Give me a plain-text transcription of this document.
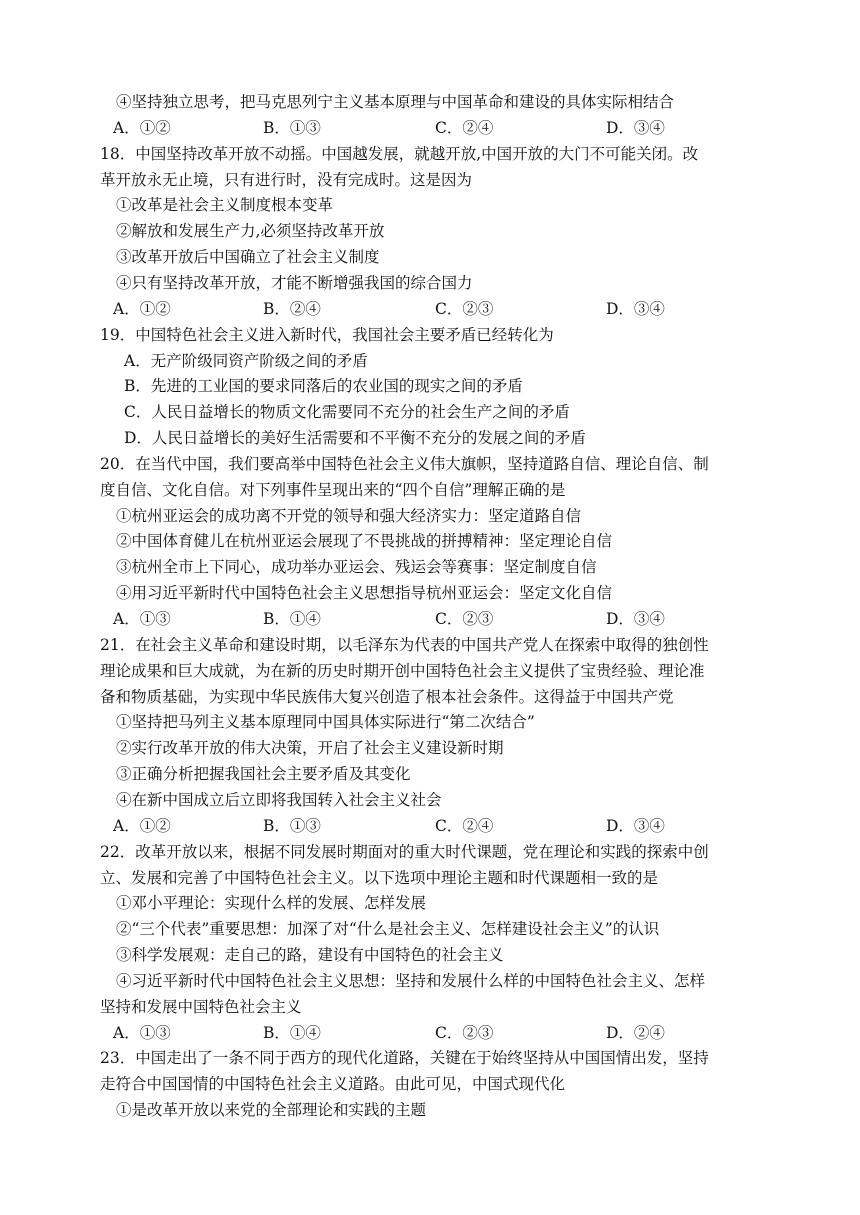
④坚持独立思考，把马克思列宁主义基本原理与中国革命和建设的具体实际相结合
A．①②	B．①③	C．②④	D．③④
18．中国坚持改革开放不动摇。中国越发展，就越开放,中国开放的大门不可能关闭。改
革开放永无止境，只有进行时，没有完成时。这是因为
①改革是社会主义制度根本变革
②解放和发展生产力,必须坚持改革开放
③改革开放后中国确立了社会主义制度
④只有坚持改革开放，才能不断增强我国的综合国力
A．①②	B．②④	C．②③	D．③④
19．中国特色社会主义进入新时代，我国社会主要矛盾已经转化为
A．无产阶级同资产阶级之间的矛盾
B．先进的工业国的要求同落后的农业国的现实之间的矛盾
C．人民日益增长的物质文化需要同不充分的社会生产之间的矛盾
D．人民日益增长的美好生活需要和不平衡不充分的发展之间的矛盾
20．在当代中国，我们要高举中国特色社会主义伟大旗帜，坚持道路自信、理论自信、制
度自信、文化自信。对下列事件呈现出来的“四个自信”理解正确的是
①杭州亚运会的成功离不开党的领导和强大经济实力：坚定道路自信
②中国体育健儿在杭州亚运会展现了不畏挑战的拼搏精神：坚定理论自信
③杭州全市上下同心，成功举办亚运会、残运会等赛事：坚定制度自信
④用习近平新时代中国特色社会主义思想指导杭州亚运会：坚定文化自信
A．①③	B．①④	C．②③	D．③④
21．在社会主义革命和建设时期，以毛泽东为代表的中国共产党人在探索中取得的独创性
理论成果和巨大成就，为在新的历史时期开创中国特色社会主义提供了宝贵经验、理论准
备和物质基础，为实现中华民族伟大复兴创造了根本社会条件。这得益于中国共产党
①坚持把马列主义基本原理同中国具体实际进行“第二次结合”
②实行改革开放的伟大决策，开启了社会主义建设新时期
③正确分析把握我国社会主要矛盾及其变化
④在新中国成立后立即将我国转入社会主义社会
A．①②	B．①③	C．②④	D．③④
22．改革开放以来，根据不同发展时期面对的重大时代课题，党在理论和实践的探索中创
立、发展和完善了中国特色社会主义。以下选项中理论主题和时代课题相一致的是
①邓小平理论：实现什么样的发展、怎样发展
②“三个代表”重要思想：加深了对“什么是社会主义、怎样建设社会主义”的认识
③科学发展观：走自己的路，建设有中国特色的社会主义
④习近平新时代中国特色社会主义思想：坚持和发展什么样的中国特色社会主义、怎样
坚持和发展中国特色社会主义
A．①③	B．①④	C．②③	D．②④
23．中国走出了一条不同于西方的现代化道路，关键在于始终坚持从中国国情出发，坚持
走符合中国国情的中国特色社会主义道路。由此可见，中国式现代化
①是改革开放以来党的全部理论和实践的主题
